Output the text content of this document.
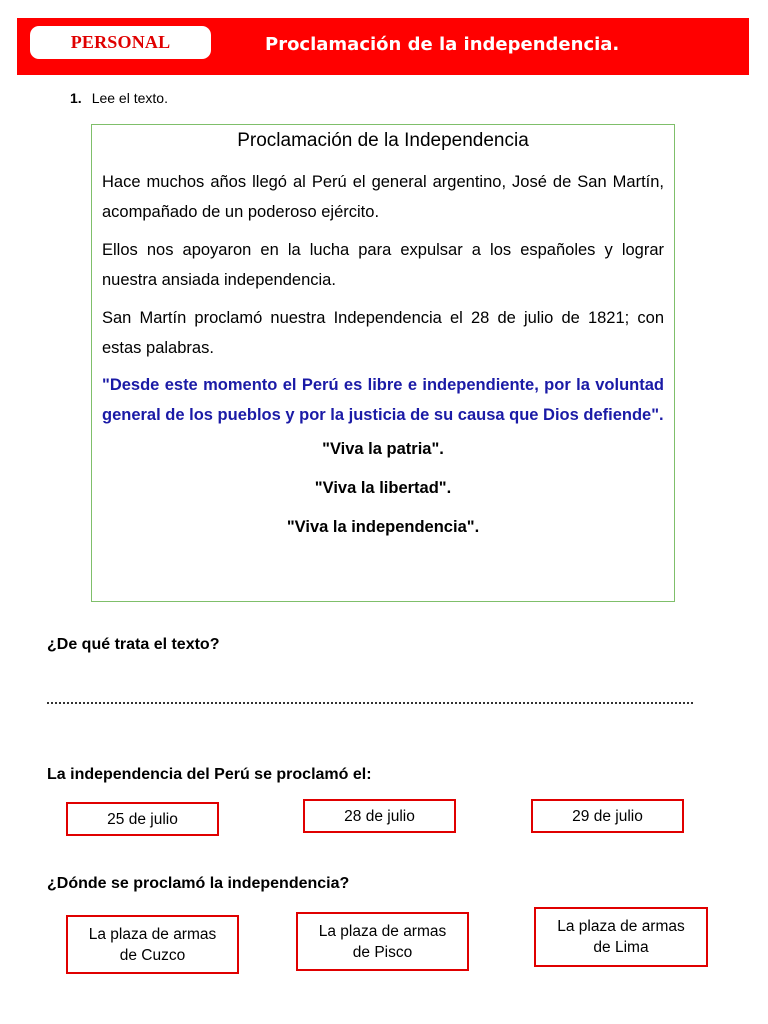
PERSONAL	Proclamación de la independencia.
1. Lee el texto.
Proclamación de la Independencia

Hace muchos años llegó al Perú el general argentino, José de San Martín, acompañado de un poderoso ejército.

Ellos nos apoyaron en la lucha para expulsar a los españoles y lograr nuestra ansiada independencia.

San Martín proclamó nuestra Independencia el 28 de julio de 1821; con estas palabras.

"Desde este momento el Perú es libre e independiente, por la voluntad general de los pueblos y por la justicia de su causa que Dios defiende".

"Viva la patria".
"Viva la libertad".
"Viva la independencia".
¿De qué trata el texto?
La independencia del Perú se proclamó el:
25 de julio	28 de julio	29 de julio
¿Dónde se proclamó la independencia?
La plaza de armas
de Cuzco
La plaza de armas
de Pisco
La plaza de armas
de Lima
